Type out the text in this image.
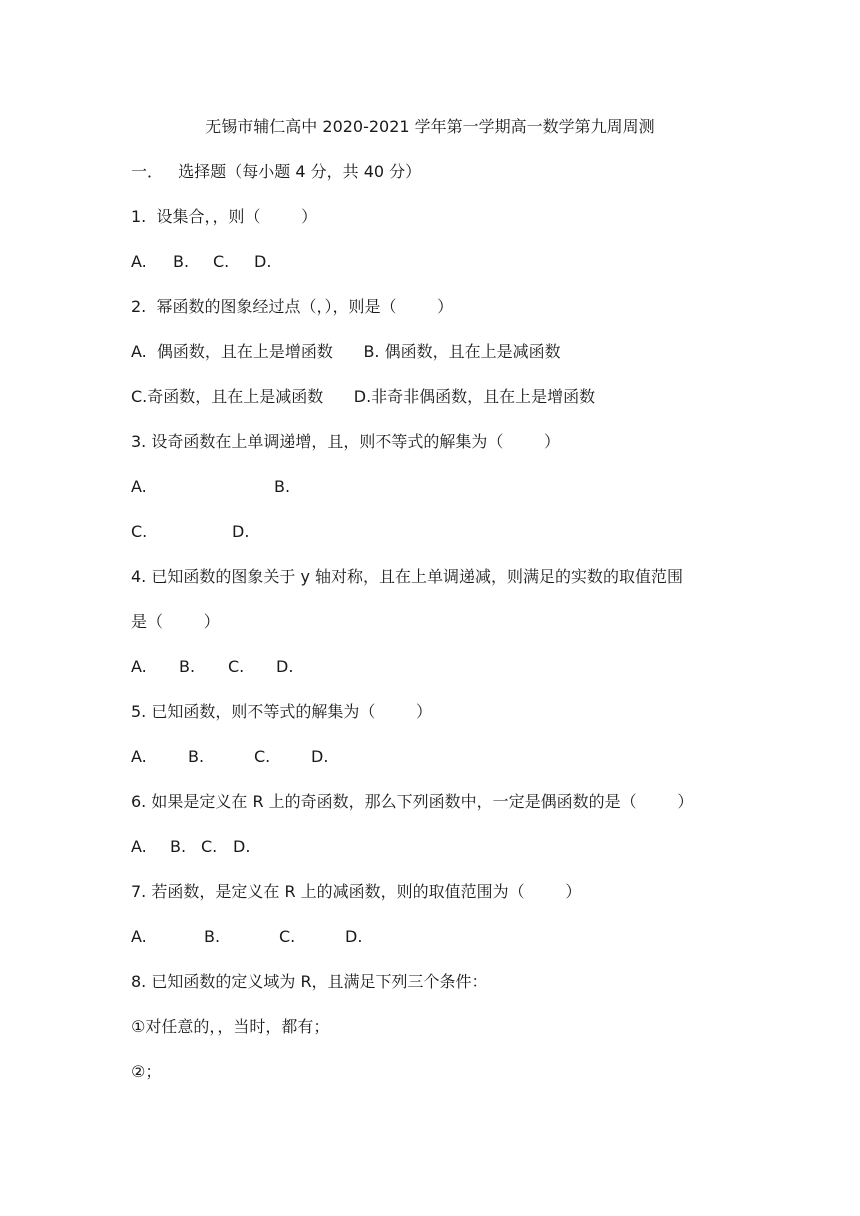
无锡市辅仁高中 2020-2021 学年第一学期高一数学第九周周测
一．   选择题（每小题 4 分，共 40 分）
1.  设集合，，则（        ）
A. B. C. D.
2.  幂函数的图象经过点（，），则是（        ）
A.  偶函数，且在上是增函数      B. 偶函数，且在上是减函数
C.奇函数，且在上是减函数      D.非奇非偶函数，且在上是增函数
3. 设奇函数在上单调递增，且，则不等式的解集为（        ）
A.	B.
C.	D.
4. 已知函数的图象关于 y 轴对称，且在上单调递减，则满足的实数的取值范围
是（        ）
A. B. C. D.
5. 已知函数，则不等式的解集为（        ）
A.	B.	C.	D.
6. 如果是定义在 R 上的奇函数，那么下列函数中，一定是偶函数的是（        ）
A. B. C. D.
7. 若函数，是定义在 R 上的减函数，则的取值范围为（        ）
A.	B.	C.	D.
8. 已知函数的定义域为 R，且满足下列三个条件：
①对任意的，，当时，都有；
②；
